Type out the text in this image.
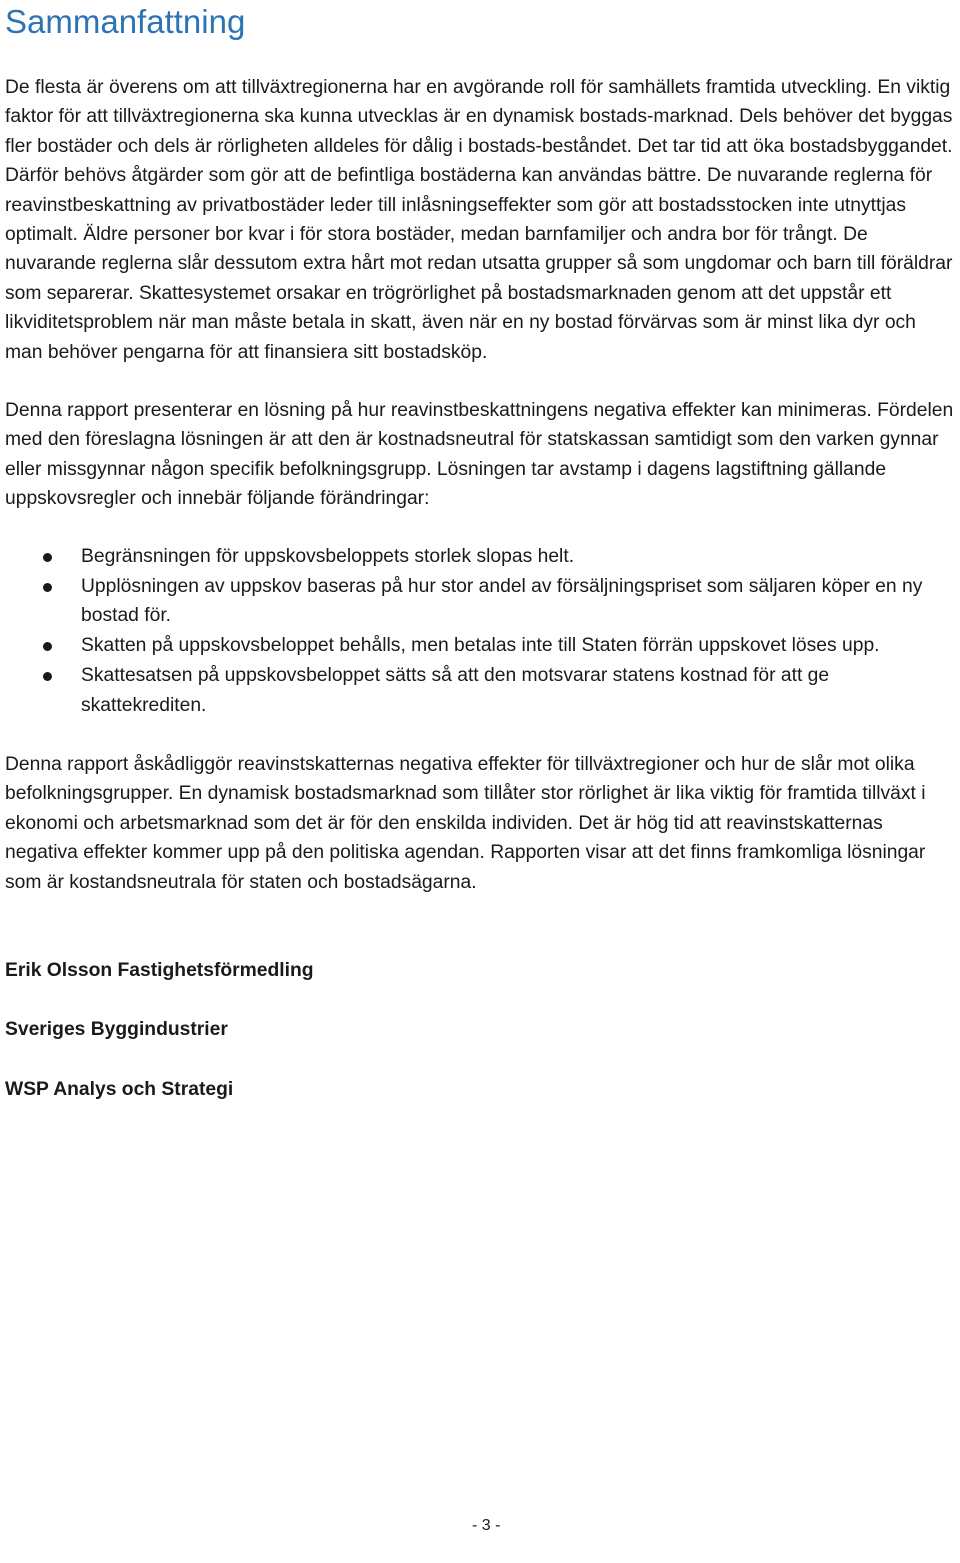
Sammanfattning

De flesta är överens om att tillväxtregionerna har en avgörande roll för samhällets framtida utveckling. En viktig faktor för att tillväxtregionerna ska kunna utvecklas är en dynamisk bostads-marknad. Dels behöver det byggas fler bostäder och dels är rörligheten alldeles för dålig i bostads-beståndet. Det tar tid att öka bostadsbyggandet. Därför behövs åtgärder som gör att de befintliga bostäderna kan användas bättre. De nuvarande reglerna för reavinstbeskattning av privatbostäder leder till inlåsningseffekter som gör att bostadsstocken inte utnyttjas optimalt. Äldre personer bor kvar i för stora bostäder, medan barnfamiljer och andra bor för trångt. De nuvarande reglerna slår dessutom extra hårt mot redan utsatta grupper så som ungdomar och barn till föräldrar som separerar. Skattesystemet orsakar en trögrörlighet på bostadsmarknaden genom att det uppstår ett likviditetsproblem när man måste betala in skatt, även när en ny bostad förvärvas som är minst lika dyr och man behöver pengarna för att finansiera sitt bostadsköp.

Denna rapport presenterar en lösning på hur reavinstbeskattningens negativa effekter kan minimeras. Fördelen med den föreslagna lösningen är att den är kostnadsneutral för statskassan samtidigt som den varken gynnar eller missgynnar någon specifik befolkningsgrupp. Lösningen tar avstamp i dagens lagstiftning gällande uppskovsregler och innebär följande förändringar:

Begränsningen för uppskovsbeloppets storlek slopas helt.
Upplösningen av uppskov baseras på hur stor andel av försäljningspriset som säljaren köper en ny bostad för.
Skatten på uppskovsbeloppet behålls, men betalas inte till Staten förrän uppskovet löses upp.
Skattesatsen på uppskovsbeloppet sätts så att den motsvarar statens kostnad för att ge skattekrediten.

Denna rapport åskådliggör reavinstskatternas negativa effekter för tillväxtregioner och hur de slår mot olika befolkningsgrupper. En dynamisk bostadsmarknad som tillåter stor rörlighet är lika viktig för framtida tillväxt i ekonomi och arbetsmarknad som det är för den enskilda individen. Det är hög tid att reavinstskatternas negativa effekter kommer upp på den politiska agendan. Rapporten visar att det finns framkomliga lösningar som är kostandsneutrala för staten och bostadsägarna.

Erik Olsson Fastighetsförmedling

Sveriges Byggindustrier

WSP Analys och Strategi

- 3 -
